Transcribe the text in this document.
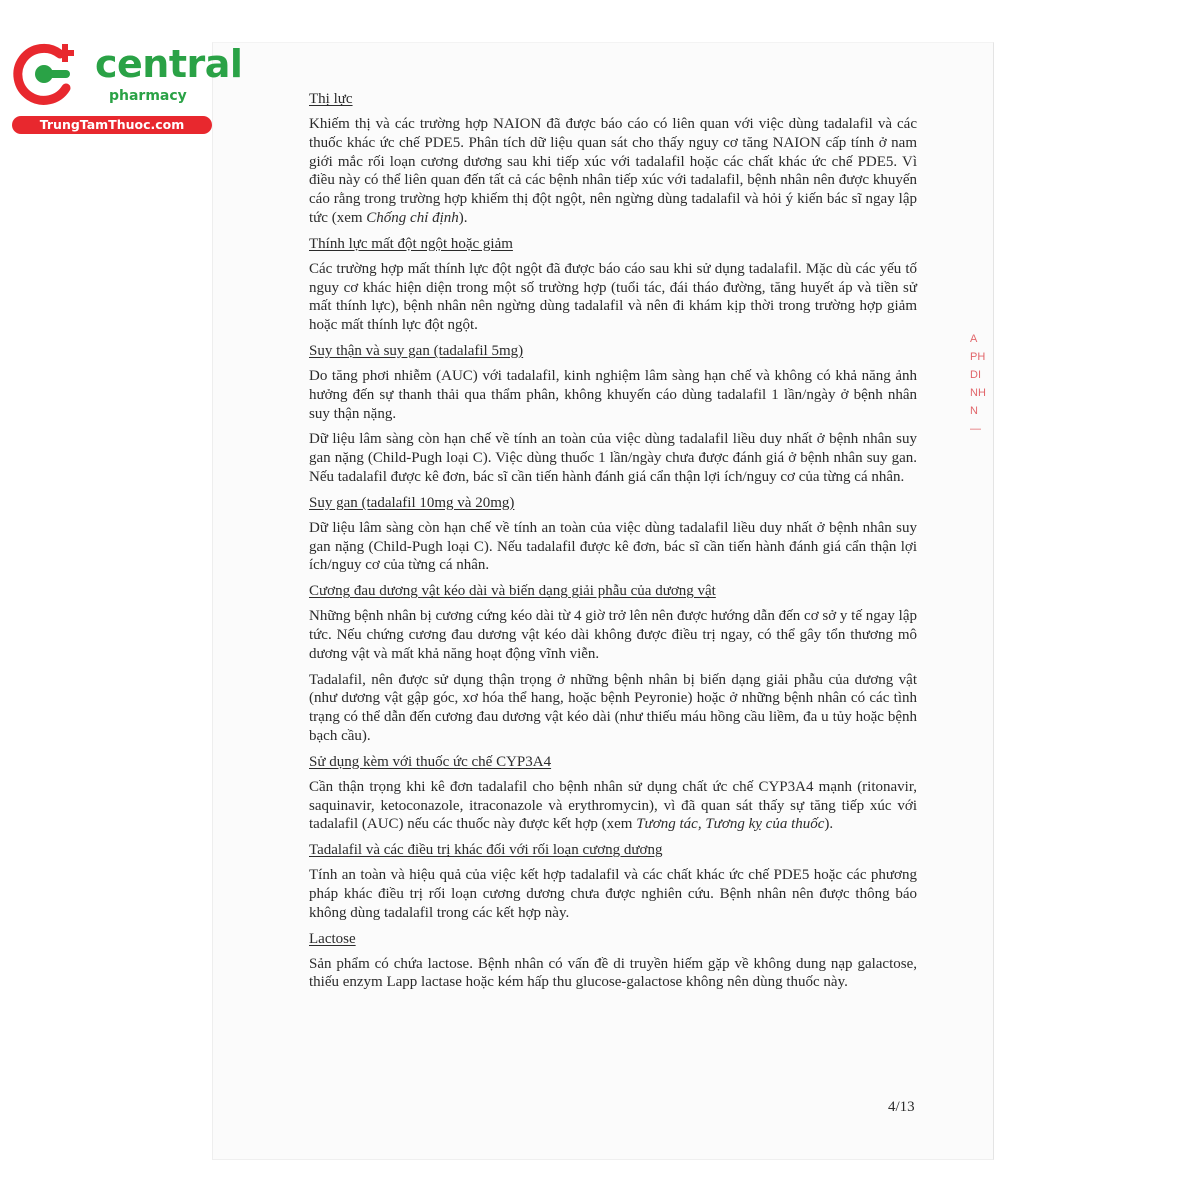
central
pharmacy
TrungTamThuoc.com
Thị lực

Khiếm thị và các trường hợp NAION đã được báo cáo có liên quan với việc dùng tadalafil và các thuốc khác ức chế PDE5. Phân tích dữ liệu quan sát cho thấy nguy cơ tăng NAION cấp tính ở nam giới mắc rối loạn cương dương sau khi tiếp xúc với tadalafil hoặc các chất khác ức chế PDE5. Vì điều này có thể liên quan đến tất cả các bệnh nhân tiếp xúc với tadalafil, bệnh nhân nên được khuyến cáo rằng trong trường hợp khiếm thị đột ngột, nên ngừng dùng tadalafil và hỏi ý kiến bác sĩ ngay lập tức (xem Chống chỉ định).

Thính lực mất đột ngột hoặc giảm

Các trường hợp mất thính lực đột ngột đã được báo cáo sau khi sử dụng tadalafil. Mặc dù các yếu tố nguy cơ khác hiện diện trong một số trường hợp (tuổi tác, đái tháo đường, tăng huyết áp và tiền sử mất thính lực), bệnh nhân nên ngừng dùng tadalafil và nên đi khám kịp thời trong trường hợp giảm hoặc mất thính lực đột ngột.

Suy thận và suy gan (tadalafil 5mg)

Do tăng phơi nhiễm (AUC) với tadalafil, kinh nghiệm lâm sàng hạn chế và không có khả năng ảnh hưởng đến sự thanh thải qua thẩm phân, không khuyến cáo dùng tadalafil 1 lần/ngày ở bệnh nhân suy thận nặng.

Dữ liệu lâm sàng còn hạn chế về tính an toàn của việc dùng tadalafil liều duy nhất ở bệnh nhân suy gan nặng (Child-Pugh loại C). Việc dùng thuốc 1 lần/ngày chưa được đánh giá ở bệnh nhân suy gan. Nếu tadalafil được kê đơn, bác sĩ cần tiến hành đánh giá cẩn thận lợi ích/nguy cơ của từng cá nhân.

Suy gan (tadalafil 10mg và 20mg)

Dữ liệu lâm sàng còn hạn chế về tính an toàn của việc dùng tadalafil liều duy nhất ở bệnh nhân suy gan nặng (Child-Pugh loại C). Nếu tadalafil được kê đơn, bác sĩ cần tiến hành đánh giá cẩn thận lợi ích/nguy cơ của từng cá nhân.

Cương đau dương vật kéo dài và biến dạng giải phẫu của dương vật

Những bệnh nhân bị cương cứng kéo dài từ 4 giờ trở lên nên được hướng dẫn đến cơ sở y tế ngay lập tức. Nếu chứng cương đau dương vật kéo dài không được điều trị ngay, có thể gây tổn thương mô dương vật và mất khả năng hoạt động vĩnh viễn.

Tadalafil, nên được sử dụng thận trọng ở những bệnh nhân bị biến dạng giải phẫu của dương vật (như dương vật gập góc, xơ hóa thể hang, hoặc bệnh Peyronie) hoặc ở những bệnh nhân có các tình trạng có thể dẫn đến cương đau dương vật kéo dài (như thiếu máu hồng cầu liềm, đa u tủy hoặc bệnh bạch cầu).

Sử dụng kèm với thuốc ức chế CYP3A4

Cần thận trọng khi kê đơn tadalafil cho bệnh nhân sử dụng chất ức chế CYP3A4 mạnh (ritonavir, saquinavir, ketoconazole, itraconazole và erythromycin), vì đã quan sát thấy sự tăng tiếp xúc với tadalafil (AUC) nếu các thuốc này được kết hợp (xem Tương tác, Tương kỵ của thuốc).

Tadalafil và các điều trị khác đối với rối loạn cương dương

Tính an toàn và hiệu quả của việc kết hợp tadalafil và các chất khác ức chế PDE5 hoặc các phương pháp khác điều trị rối loạn cương dương chưa được nghiên cứu. Bệnh nhân nên được thông báo không dùng tadalafil trong các kết hợp này.

Lactose

Sản phẩm có chứa lactose. Bệnh nhân có vấn đề di truyền hiếm gặp về không dung nạp galactose, thiếu enzym Lapp lactase hoặc kém hấp thu glucose-galactose không nên dùng thuốc này.

4/13
A
PH
DI
NH
N
—
